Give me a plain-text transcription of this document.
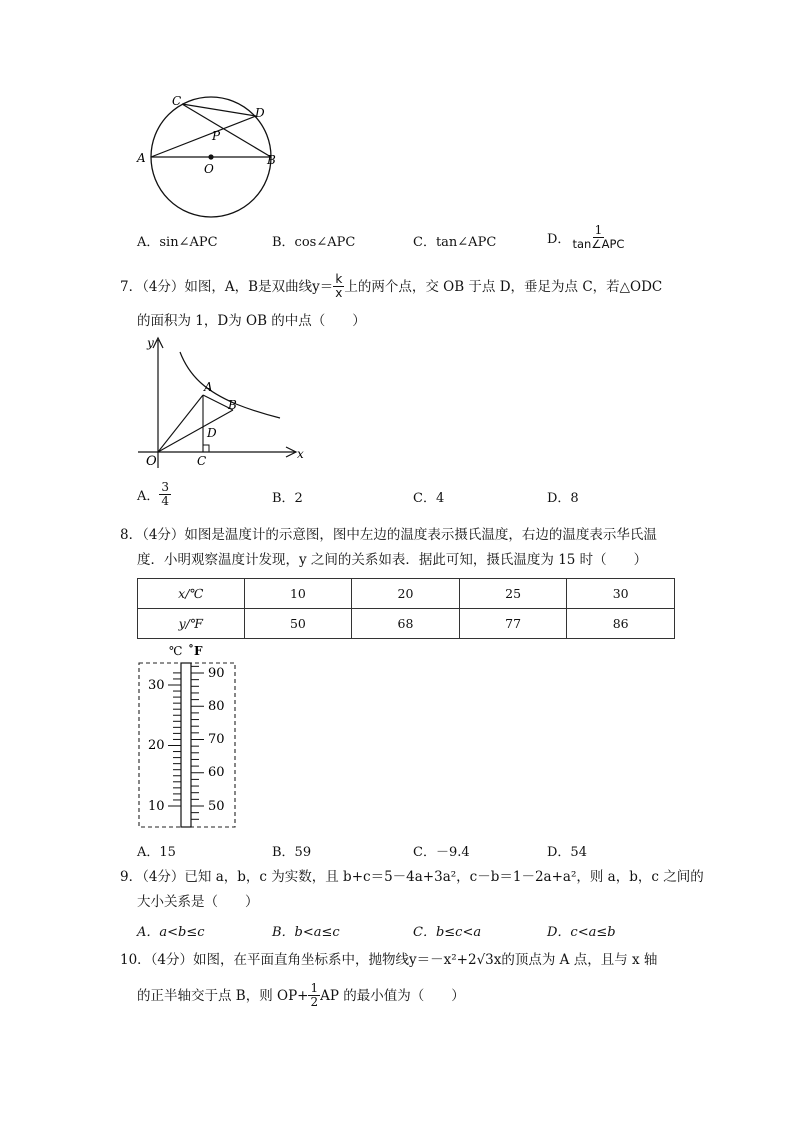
C
D
P
A	B
O
A．sin∠APC	B．cos∠APC	C．tan∠APC	D． $\frac{1}{\text{tan∠APC}}$
7．（4分）如图，A，B是双曲线$y= \frac{k}{x}$ 上的两个点，交 OB 于点 D，垂足为点 C，若△ODC
的面积为 1，D为 OB 的中点（　　）
y
x
O
A
B
D
C
A． $\frac{3}{4}$	B．2	C．4	D．8
8．（4分）如图是温度计的示意图，图中左边的温度表示摄氏温度，右边的温度表示华氏温
度．小明观察温度计发现，y 之间的关系如表．据此可知，摄氏温度为 15 时（　　）
x/℃	10	20	25	30
y/℉	50	68	77	86
℃ ˚F
30
20
10
90
80
70
60
50
A．15	B．59	C．－9.4	D．54
9．（4分）已知 a，b，c 为实数，且 b+c＝5－4a+3a²，c－b＝1－2a+a²，则 a，b，c 之间的
大小关系是（　　）
A．a<b≤c	B．b<a≤c	C．b≤c<a	D．c<a≤b
10．（4分）如图，在平面直角坐标系中，抛物线y＝－x²+2√3x的顶点为 A 点，且与 x 轴
的正半轴交于点 B，则 $OP+ \frac{1}{2}$ AP 的最小值为（　　）
